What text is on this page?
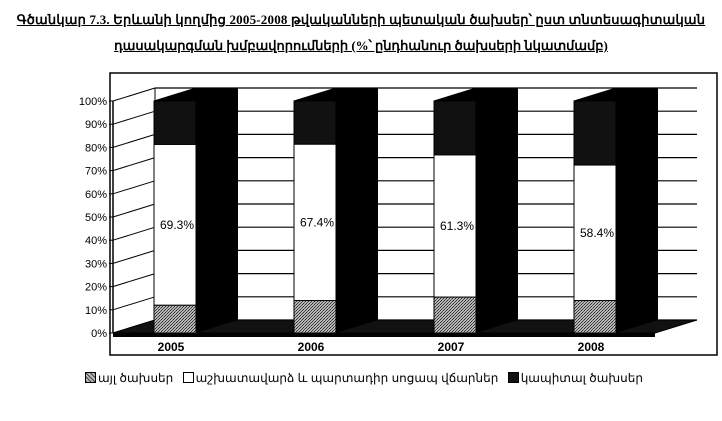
Գծանկար 7.3. Երևանի կողմից 2005-2008 թվականների պետական ծախսեր՝ ըստ տնտեսագիտական
դասակարգման խմբավորումների (%՝ ընդհանուր ծախսերի նկատմամբ)
0%
10%
20%
30%
40%
50%
60%
70%
80%
90%
100%
69.3%	67.4%	61.3%	58.4%
2005	2006	2007	2008
այլ ծախսեր աշխատավարձ և պարտադիր սոցապ վճարներ կապիտալ ծախսեր
